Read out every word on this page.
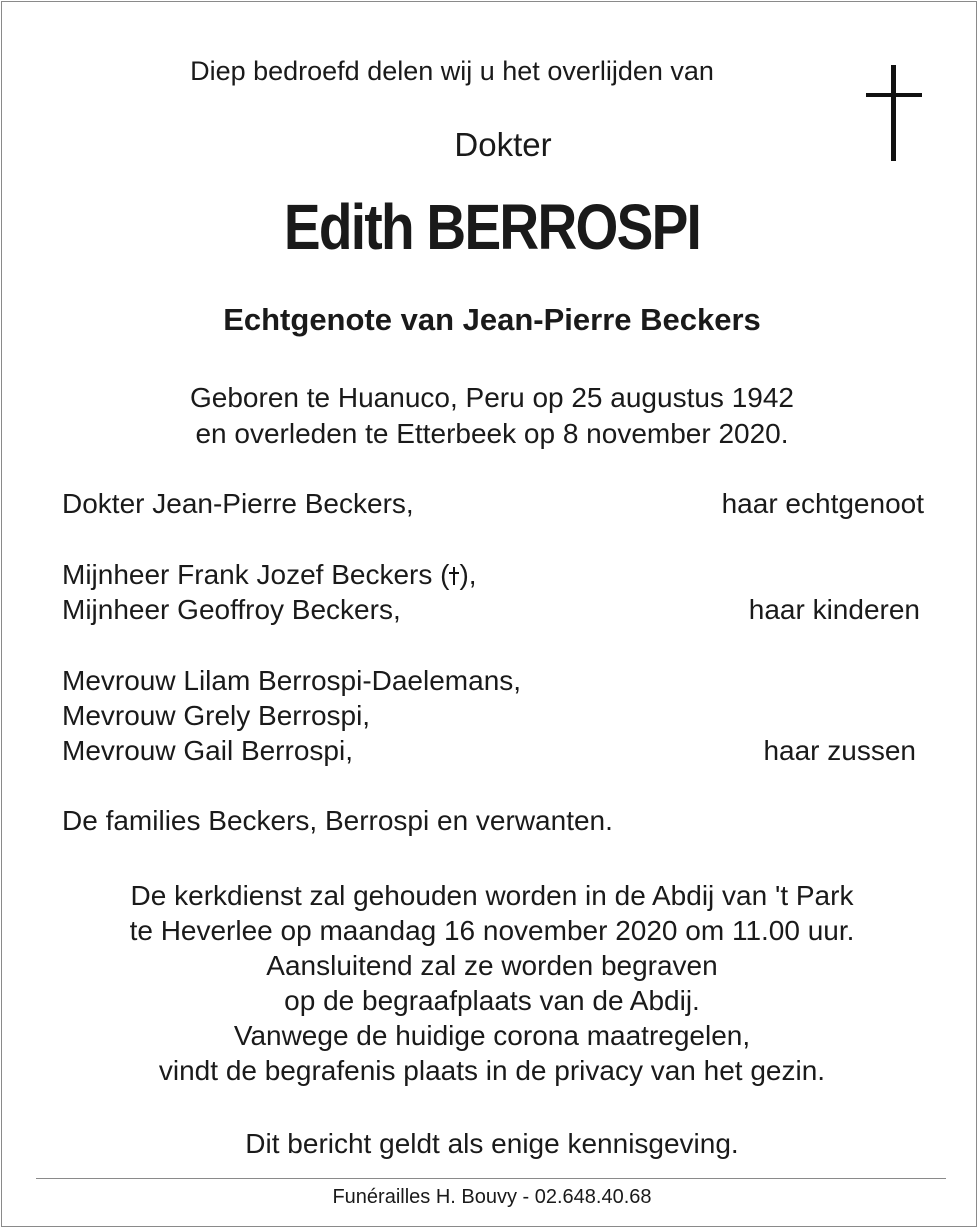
Diep bedroefd delen wij u het overlijden van
Dokter
Edith BERROSPI
Echtgenote van Jean-Pierre Beckers
Geboren te Huanuco, Peru op 25 augustus 1942
en overleden te Etterbeek op 8 november 2020.
Dokter Jean-Pierre Beckers,	haar echtgenoot
Mijnheer Frank Jozef Beckers ( ),
Mijnheer Geoffroy Beckers,	haar kinderen
Mevrouw Lilam Berrospi-Daelemans,
Mevrouw Grely Berrospi,
Mevrouw Gail Berrospi,	haar zussen
De families Beckers, Berrospi en verwanten.
De kerkdienst zal gehouden worden in de Abdij van 't Park
te Heverlee op maandag 16 november 2020 om 11.00 uur.
Aansluitend zal ze worden begraven
op de begraafplaats van de Abdij.
Vanwege de huidige corona maatregelen,
vindt de begrafenis plaats in de privacy van het gezin.
Dit bericht geldt als enige kennisgeving.
Funérailles H. Bouvy - 02.648.40.68
